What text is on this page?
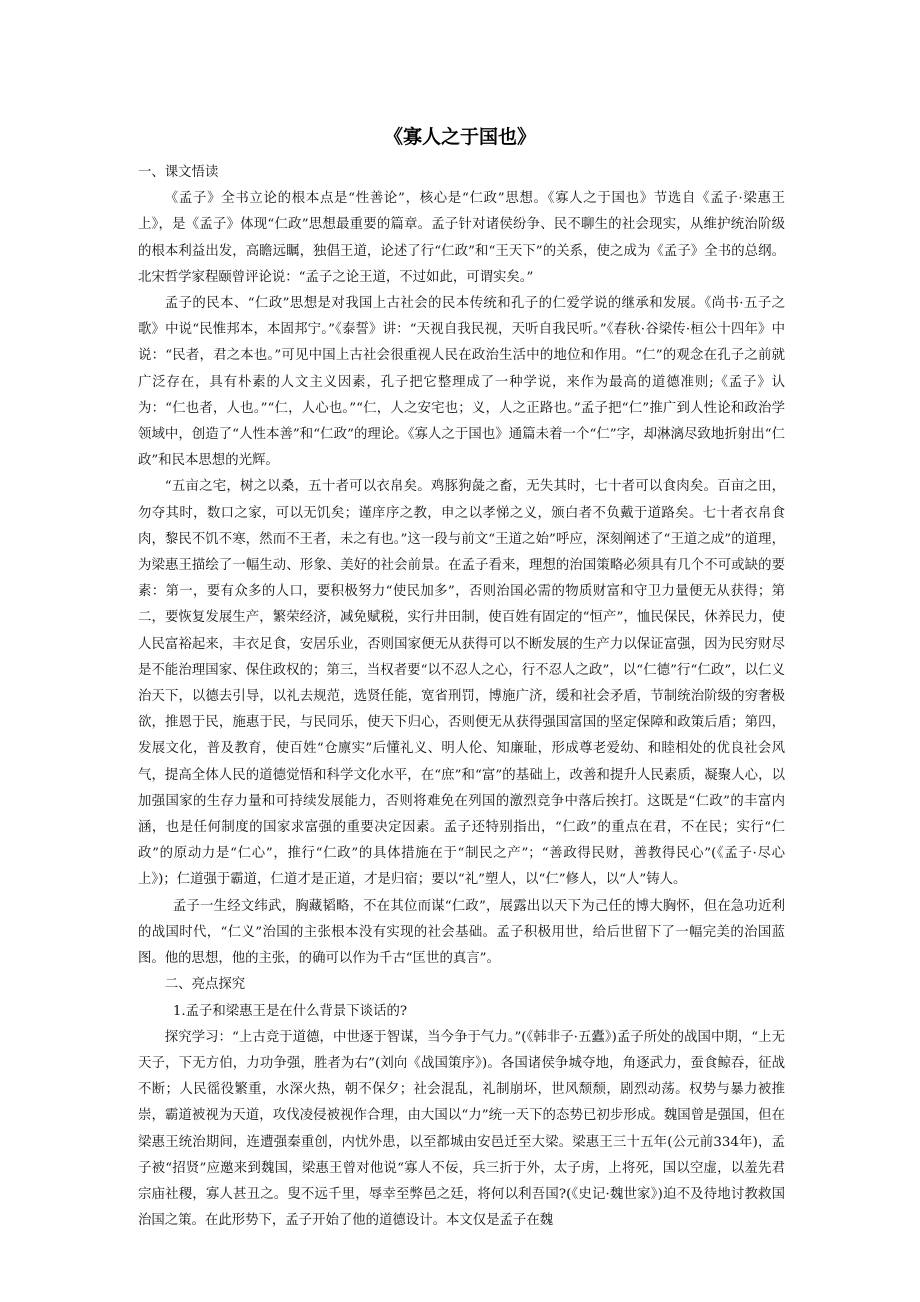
《寡人之于国也》

一、课文悟读

《孟子》全书立论的根本点是“性善论”，核心是“仁政”思想。《寡人之于国也》节选自《孟子·梁惠王上》，是《孟子》体现“仁政”思想最重要的篇章。孟子针对诸侯纷争、民不聊生的社会现实，从维护统治阶级的根本利益出发，高瞻远瞩，独倡王道，论述了行“仁政”和“王天下”的关系，使之成为《孟子》全书的总纲。北宋哲学家程颐曾评论说：“孟子之论王道，不过如此，可谓实矣。”

孟子的民本、“仁政”思想是对我国上古社会的民本传统和孔子的仁爱学说的继承和发展。《尚书·五子之歌》中说“民惟邦本，本固邦宁。”《泰誓》讲：“天视自我民视，天听自我民听。”《春秋·谷梁传·桓公十四年》中说：“民者，君之本也。”可见中国上古社会很重视人民在政治生活中的地位和作用。“仁”的观念在孔子之前就广泛存在，具有朴素的人文主义因素，孔子把它整理成了一种学说，来作为最高的道德准则;《孟子》认为：“仁也者，人也。”“仁，人心也。”“仁，人之安宅也；义，人之正路也。”孟子把“仁”推广到人性论和政治学领域中，创造了“人性本善”和“仁政”的理论。《寡人之于国也》通篇未着一个“仁”字，却淋漓尽致地折射出“仁政”和民本思想的光辉。

“五亩之宅，树之以桑，五十者可以衣帛矣。鸡豚狗彘之畜，无失其时，七十者可以食肉矣。百亩之田，勿夺其时，数口之家，可以无饥矣；谨庠序之教，申之以孝悌之义，颁白者不负戴于道路矣。七十者衣帛食肉，黎民不饥不寒，然而不王者，未之有也。”这一段与前文“王道之始”呼应，深刻阐述了“王道之成”的道理，为梁惠王描绘了一幅生动、形象、美好的社会前景。在孟子看来，理想的治国策略必须具有几个不可或缺的要素：第一，要有众多的人口，要积极努力“使民加多”，否则治国必需的物质财富和守卫力量便无从获得；第二，要恢复发展生产，繁荣经济，减免赋税，实行井田制，使百姓有固定的“恒产”，恤民保民，休养民力，使人民富裕起来，丰衣足食，安居乐业，否则国家便无从获得可以不断发展的生产力以保证富强，因为民穷财尽是不能治理国家、保住政权的；第三，当权者要“以不忍人之心，行不忍人之政”，以“仁德”行“仁政”，以仁义治天下，以德去引导，以礼去规范，选贤任能，宽省刑罚，博施广济，缓和社会矛盾，节制统治阶级的穷奢极欲，推恩于民，施惠于民，与民同乐，使天下归心，否则便无从获得强国富国的坚定保障和政策后盾；第四，发展文化，普及教育，使百姓“仓廪实”后懂礼义、明人伦、知廉耻，形成尊老爱幼、和睦相处的优良社会风气，提高全体人民的道德觉悟和科学文化水平，在“庶”和“富”的基础上，改善和提升人民素质，凝聚人心，以加强国家的生存力量和可持续发展能力，否则将难免在列国的激烈竞争中落后挨打。这既是“仁政”的丰富内涵，也是任何制度的国家求富强的重要决定因素。孟子还特别指出，“仁政”的重点在君，不在民；实行“仁政”的原动力是“仁心”，推行“仁政”的具体措施在于“制民之产”；“善政得民财，善教得民心”(《孟子·尽心上》)；仁道强于霸道，仁道才是正道，才是归宿；要以“礼”塑人，以“仁”修人，以“人”铸人。

孟子一生经文纬武，胸藏韬略，不在其位而谋“仁政”，展露出以天下为己任的博大胸怀，但在急功近利的战国时代，“仁义”治国的主张根本没有实现的社会基础。孟子积极用世，给后世留下了一幅完美的治国蓝图。他的思想，他的主张，的确可以作为千古“匡世的真言”。

二、亮点探究

1.孟子和梁惠王是在什么背景下谈话的?

探究学习：“上古竞于道德，中世逐于智谋，当今争于气力。”(《韩非子·五蠹》)孟子所处的战国中期，“上无天子，下无方伯，力功争强，胜者为右”(刘向《战国策序》)。各国诸侯争城夺地，角逐武力，蚕食鲸吞，征战不断；人民徭役繁重，水深火热，朝不保夕；社会混乱，礼制崩坏，世风颓颓，剧烈动荡。权势与暴力被推崇，霸道被视为天道，攻伐凌侵被视作合理，由大国以“力”统一天下的态势已初步形成。魏国曾是强国，但在梁惠王统治期间，连遭强秦重创，内忧外患，以至都城由安邑迁至大梁。梁惠王三十五年(公元前334年)，孟子被“招贤”应邀来到魏国，梁惠王曾对他说“寡人不佞，兵三折于外，太子虏，上将死，国以空虚，以羞先君宗庙社稷，寡人甚丑之。叟不远千里，辱幸至弊邑之廷，将何以利吾国?(《史记·魏世家》)迫不及待地讨教救国治国之策。在此形势下，孟子开始了他的道德设计。本文仅是孟子在魏
